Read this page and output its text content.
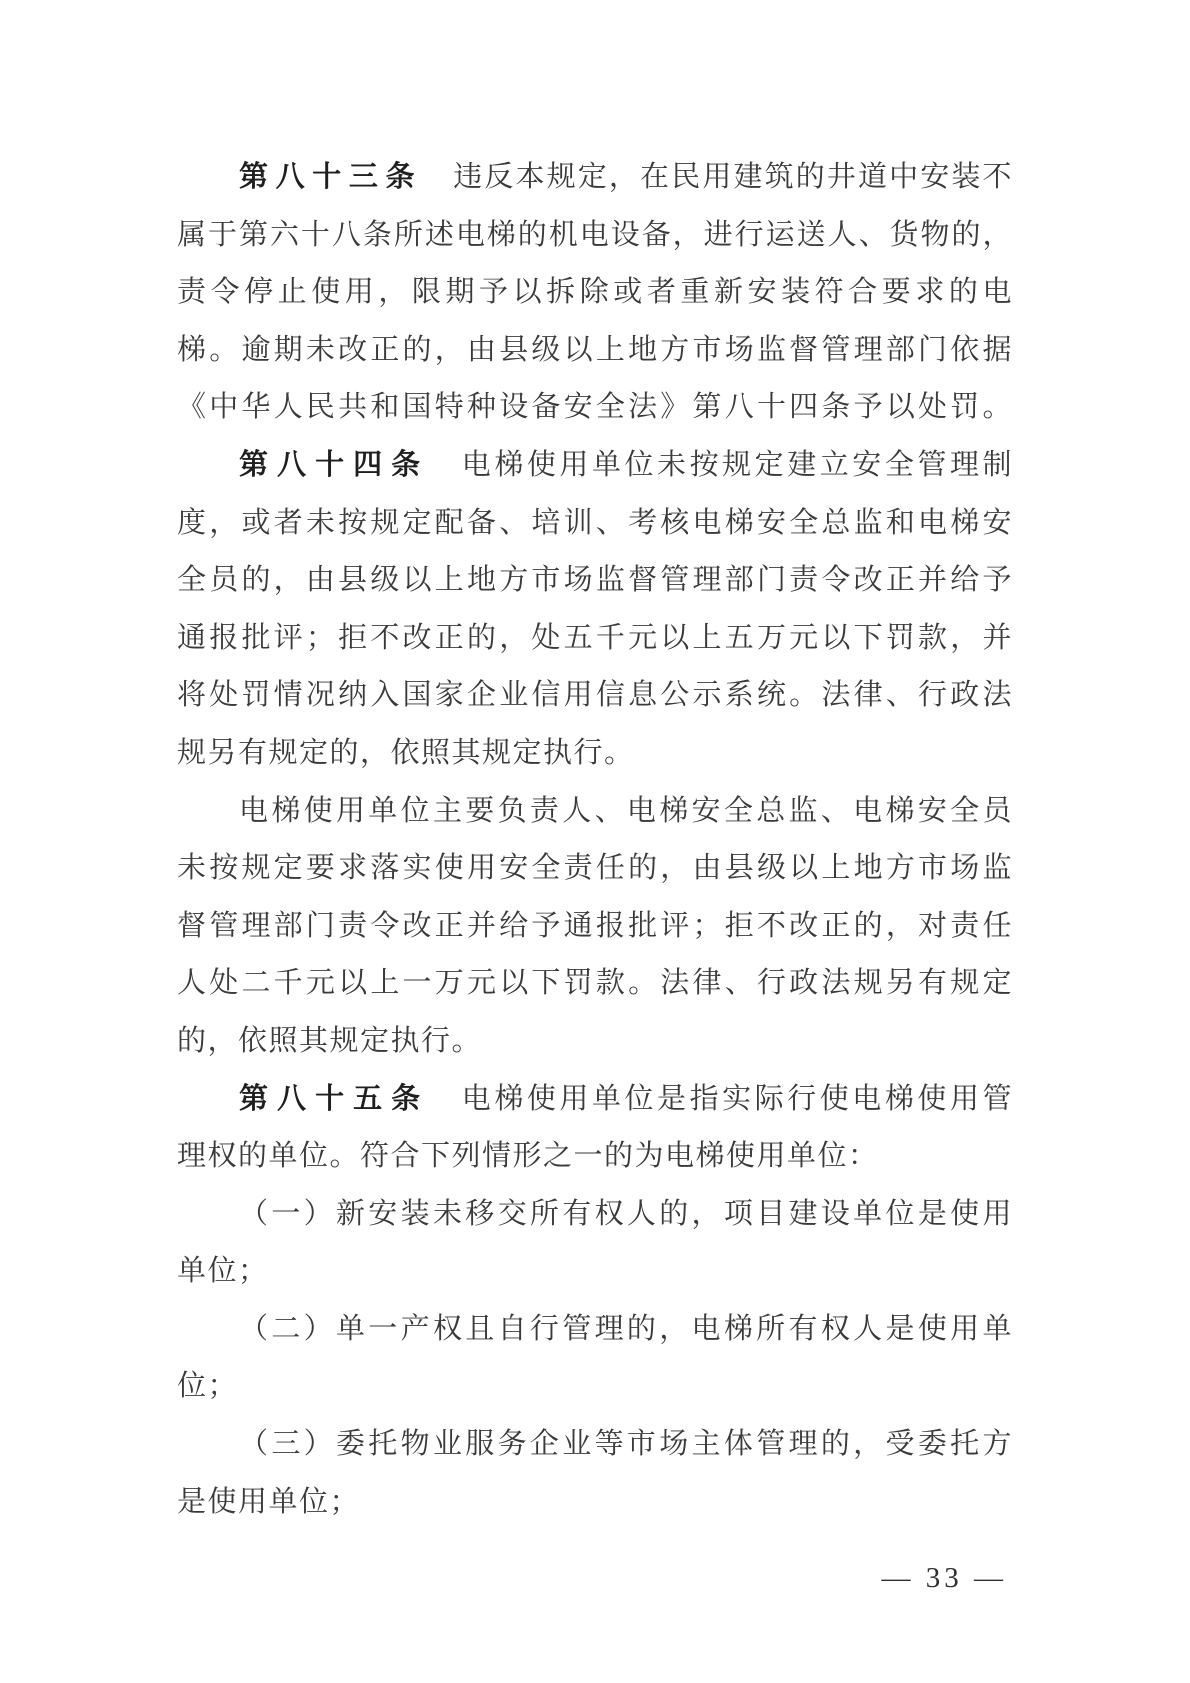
第八十三条　违反本规定，在民用建筑的井道中安装不
属于第六十八条所述电梯的机电设备，进行运送人、货物的，
责令停止使用，限期予以拆除或者重新安装符合要求的电
梯。逾期未改正的，由县级以上地方市场监督管理部门依据
《中华人民共和国特种设备安全法》第八十四条予以处罚。
第八十四条　电梯使用单位未按规定建立安全管理制
度，或者未按规定配备、培训、考核电梯安全总监和电梯安
全员的，由县级以上地方市场监督管理部门责令改正并给予
通报批评；拒不改正的，处五千元以上五万元以下罚款，并
将处罚情况纳入国家企业信用信息公示系统。法律、行政法
规另有规定的，依照其规定执行。
电梯使用单位主要负责人、电梯安全总监、电梯安全员
未按规定要求落实使用安全责任的，由县级以上地方市场监
督管理部门责令改正并给予通报批评；拒不改正的，对责任
人处二千元以上一万元以下罚款。法律、行政法规另有规定
的，依照其规定执行。
第八十五条　电梯使用单位是指实际行使电梯使用管
理权的单位。符合下列情形之一的为电梯使用单位：
（一）新安装未移交所有权人的，项目建设单位是使用
单位；
（二）单一产权且自行管理的，电梯所有权人是使用单
位；
（三）委托物业服务企业等市场主体管理的，受委托方
是使用单位；
— 33 —
